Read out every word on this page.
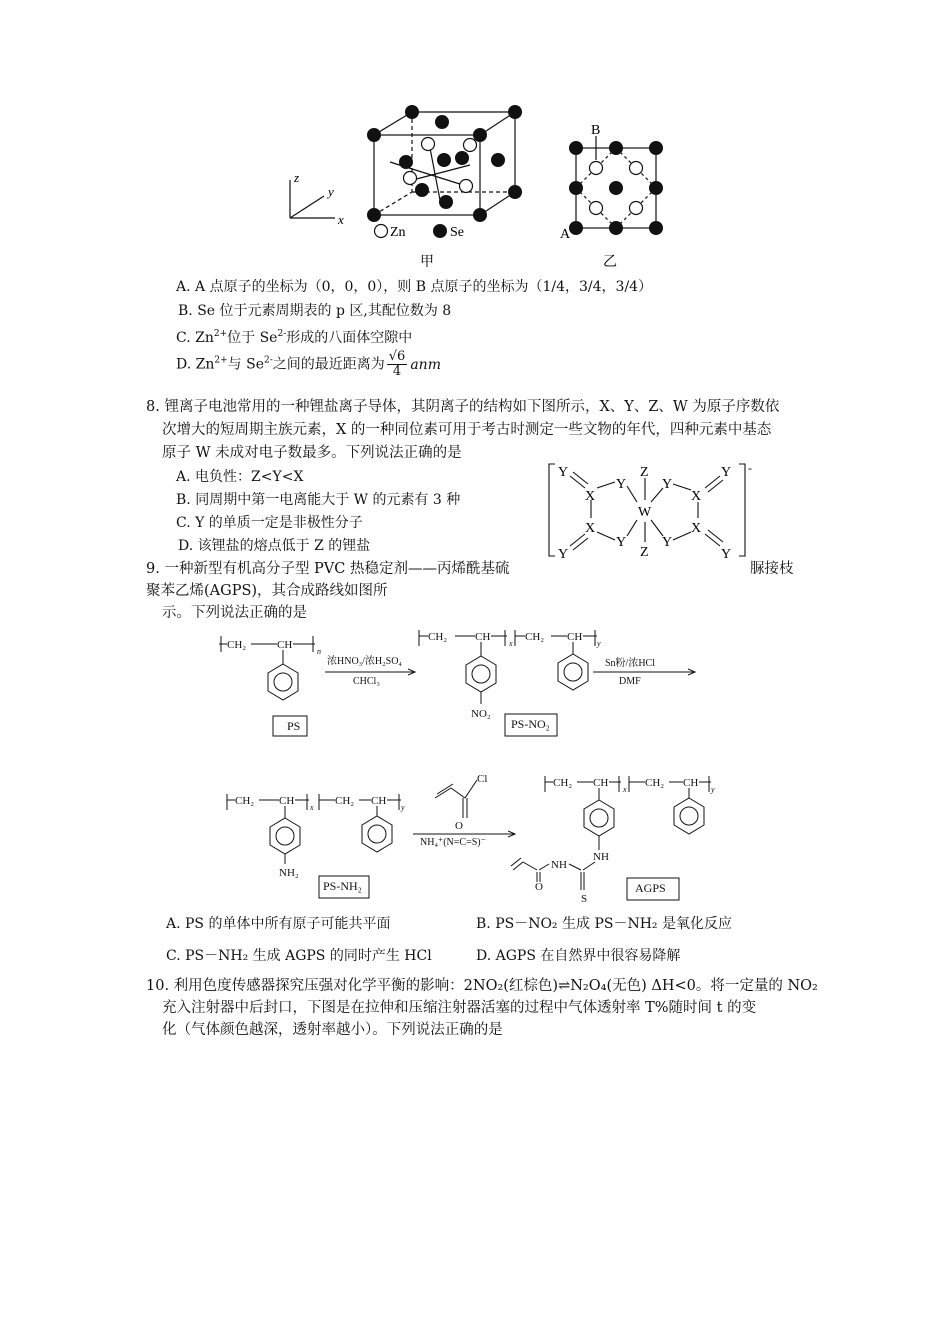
z
y
x
Zn	Se
甲
B
A
乙
A. A 点原子的坐标为（0，0，0），则 B 点原子的坐标为（1/4，3/4，3/4）
B. Se 位于元素周期表的 p 区,其配位数为 8
C. $Zn^{2+}$位于 $Se^{2-}$形成的八面体空隙中
D. $Zn^{2+}$与 $Se^{2-}$之间的最近距离为 $\frac{√6}{4}$ anm
8. 锂离子电池常用的一种锂盐离子导体，其阴离子的结构如下图所示，X、Y、Z、W 为原子序数依
次增大的短周期主族元素，X 的一种同位素可用于考古时测定一些文物的年代，四种元素中基态
原子 W 未成对电子数最多。下列说法正确的是
A. 电负性：Z<Y<X
B. 同周期中第一电离能大于 W 的元素有 3 种
C. Y 的单质一定是非极性分子
D. 该锂盐的熔点低于 Z 的锂盐
Y
X
Y
Z
W
Y
X
Y
X
Y
Y
Z
Y
X
Y
-
9. 一种新型有机高分子型 PVC 热稳定剂——丙烯酰基硫	脲接枝
聚苯乙烯(AGPS)，其合成路线如图所
示。下列说法正确的是
CH₂	CH
n
PS
浓HNO₃/浓H₂SO₄
CHCl₃
CH₂	CH
x
CH₂ CH
y
NO₂
PS-NO₂
Sn粉/浓HCl
DMF
CH₂ CH
x
CH₂ CH
y
NH₂
PS-NH₂
Cl
O
NH₄⁺(N=C=S)⁻
CH₂ CH
x
CH₂ CH
y
NH
NH
O
S
AGPS
A. PS 的单体中所有原子可能共平面	B. PS－NO₂ 生成 PS－NH₂ 是氧化反应
C. PS－NH₂ 生成 AGPS 的同时产生 HCl	D. AGPS 在自然界中很容易降解
10. 利用色度传感器探究压强对化学平衡的影响：2NO₂(红棕色)⇌N₂O₄(无色) ΔH<0。将一定量的 NO₂
充入注射器中后封口，下图是在拉伸和压缩注射器活塞的过程中气体透射率 T%随时间 t 的变
化（气体颜色越深，透射率越小）。下列说法正确的是
